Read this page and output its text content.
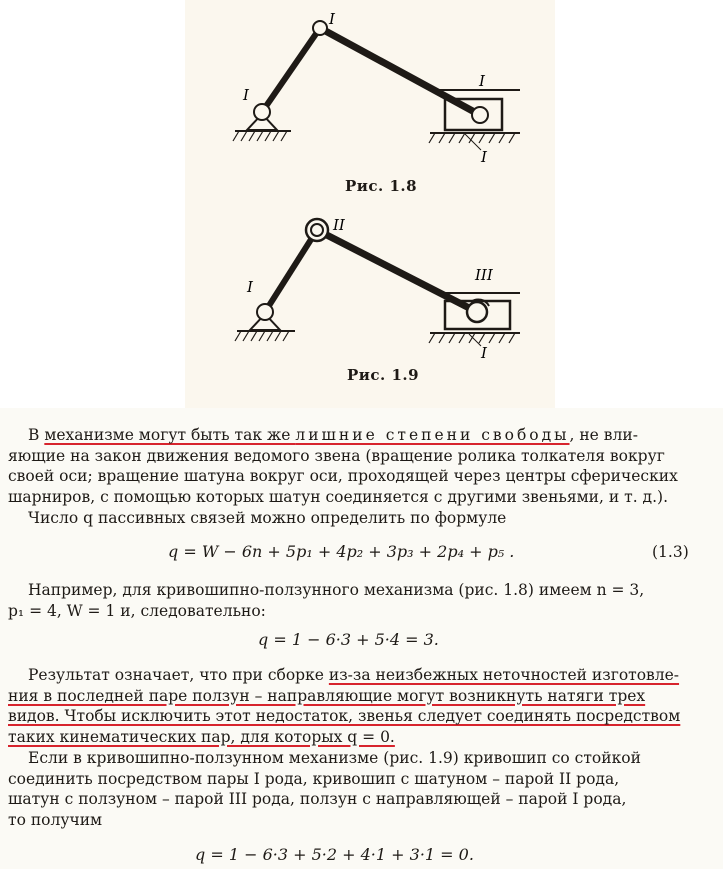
I
I
I
I
Рис. 1.8
I
II
III
I
Рис. 1.9
В механизме могут быть так же лишние степени свободы, не вли-
яющие на закон движения ведомого звена (вращение ролика толкателя вокруг
своей оси; вращение шатуна вокруг оси, проходящей через центры сферических
шарниров, с помощью которых шатун соединяется с другими звеньями, и т. д.).
Число q пассивных связей можно определить по формуле
q = W − 6n + 5p₁ + 4p₂ + 3p₃ + 2p₄ + p₅ .	(1.3)
Например, для кривошипно-ползунного механизма (рис. 1.8) имеем n = 3,
p₁ = 4, W = 1 и, следовательно:
q = 1 − 6·3 + 5·4 = 3.
Результат означает, что при сборке из-за неизбежных неточностей изготовле-
ния в последней паре ползун – направляющие могут возникнуть натяги трех
видов. Чтобы исключить этот недостаток, звенья следует соединять посредством
таких кинематических пар, для которых q = 0.
Если в кривошипно-ползунном механизме (рис. 1.9) кривошип со стойкой
соединить посредством пары I рода, кривошип с шатуном – парой II рода,
шатун с ползуном – парой III рода, ползун с направляющей – парой I рода,
то получим
q = 1 − 6·3 + 5·2 + 4·1 + 3·1 = 0.
